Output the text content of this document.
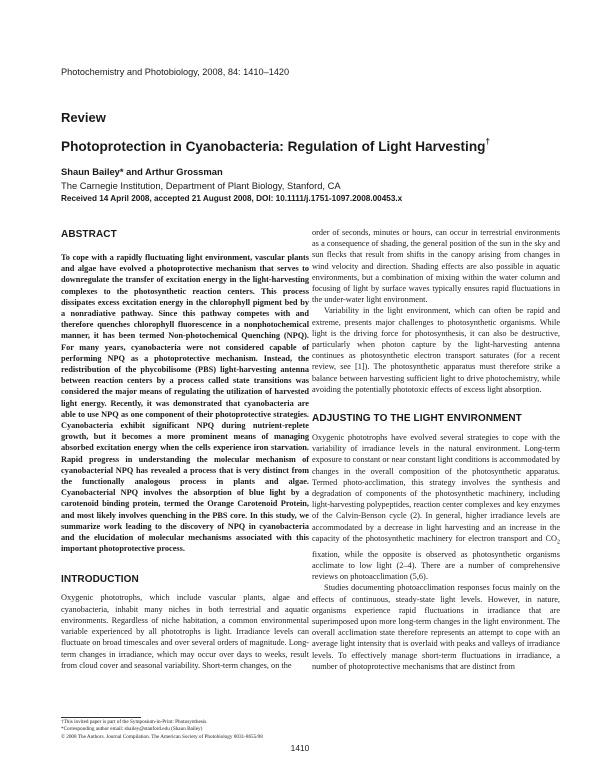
Photochemistry and Photobiology, 2008, 84: 1410–1420
Review
Photoprotection in Cyanobacteria: Regulation of Light Harvesting†
Shaun Bailey* and Arthur Grossman
The Carnegie Institution, Department of Plant Biology, Stanford, CA
Received 14 April 2008, accepted 21 August 2008, DOI: 10.1111/j.1751-1097.2008.00453.x
ABSTRACT

To cope with a rapidly fluctuating light environment, vascular plants and algae have evolved a photoprotective mechanism that serves to downregulate the transfer of excitation energy in the light-harvesting complexes to the photosynthetic reaction centers. This process dissipates excess excitation energy in the chlorophyll pigment bed by a nonradiative pathway. Since this pathway competes with and therefore quenches chlorophyll fluorescence in a nonphotochemical manner, it has been termed Non-photochemical Quenching (NPQ). For many years, cyanobacteria were not considered capable of performing NPQ as a photoprotective mechanism. Instead, the redistribution of the phycobilisome (PBS) light-harvesting antenna between reaction centers by a process called state transitions was considered the major means of regulating the utilization of harvested light energy. Recently, it was demonstrated that cyanobacteria are able to use NPQ as one component of their photoprotective strategies. Cyanobacteria exhibit significant NPQ during nutrient-replete growth, but it becomes a more prominent means of managing absorbed excitation energy when the cells experience iron starvation. Rapid progress in understanding the molecular mechanism of cyanobacterial NPQ has revealed a process that is very distinct from the functionally analogous process in plants and algae. Cyanobacterial NPQ involves the absorption of blue light by a carotenoid binding protein, termed the Orange Carotenoid Protein, and most likely involves quenching in the PBS core. In this study, we summarize work leading to the discovery of NPQ in cyanobacteria and the elucidation of molecular mechanisms associated with this important photoprotective process.

INTRODUCTION

Oxygenic phototrophs, which include vascular plants, algae and cyanobacteria, inhabit many niches in both terrestrial and aquatic environments. Regardless of niche habitation, a common environmental variable experienced by all phototrophs is light. Irradiance levels can fluctuate on broad timescales and over several orders of magnitude. Long-term changes in irradiance, which may occur over days to weeks, result from cloud cover and seasonal variability. Short-term changes, on the

order of seconds, minutes or hours, can occur in terrestrial environments as a consequence of shading, the general position of the sun in the sky and sun flecks that result from shifts in the canopy arising from changes in wind velocity and direction. Shading effects are also possible in aquatic environments, but a combination of mixing within the water column and focusing of light by surface waves typically ensures rapid fluctuations in the under-water light environment.

Variability in the light environment, which can often be rapid and extreme, presents major challenges to photosynthetic organisms. While light is the driving force for photosynthesis, it can also be destructive, particularly when photon capture by the light-harvesting antenna continues as photosynthetic electron transport saturates (for a recent review, see [1]). The photosynthetic apparatus must therefore strike a balance between harvesting sufficient light to drive photochemistry, while avoiding the potentially phototoxic effects of excess light absorption.

ADJUSTING TO THE LIGHT ENVIRONMENT

Oxygenic phototrophs have evolved several strategies to cope with the variability of irradiance levels in the natural environment. Long-term exposure to constant or near constant light conditions is accommodated by changes in the overall composition of the photosynthetic apparatus. Termed photo-acclimation, this strategy involves the synthesis and degradation of components of the photosynthetic machinery, including light-harvesting polypeptides, reaction center complexes and key enzymes of the Calvin-Benson cycle (2). In general, higher irradiance levels are accommodated by a decrease in light harvesting and an increase in the capacity of the photosynthetic machinery for electron transport and $CO_2$ fixation, while the opposite is observed as photosynthetic organisms acclimate to low light (2–4). There are a number of comprehensive reviews on photoacclimation (5,6).

Studies documenting photoacclimation responses focus mainly on the effects of continuous, steady-state light levels. However, in nature, organisms experience rapid fluctuations in irradiance that are superimposed upon more long-term changes in the light environment. The overall acclimation state therefore represents an attempt to cope with an average light intensity that is overlaid with peaks and valleys of irradiance levels. To effectively manage short-term fluctuations in irradiance, a number of photoprotective mechanisms that are distinct from

†This invited paper is part of the Symposium-in-Print: Photosynthesis.
*Corresponding author email: sbailey@stanford.edu (Shaun Bailey)
© 2008 The Authors. Journal Compilation. The American Society of Photobiology 0031-8655/08
1410
